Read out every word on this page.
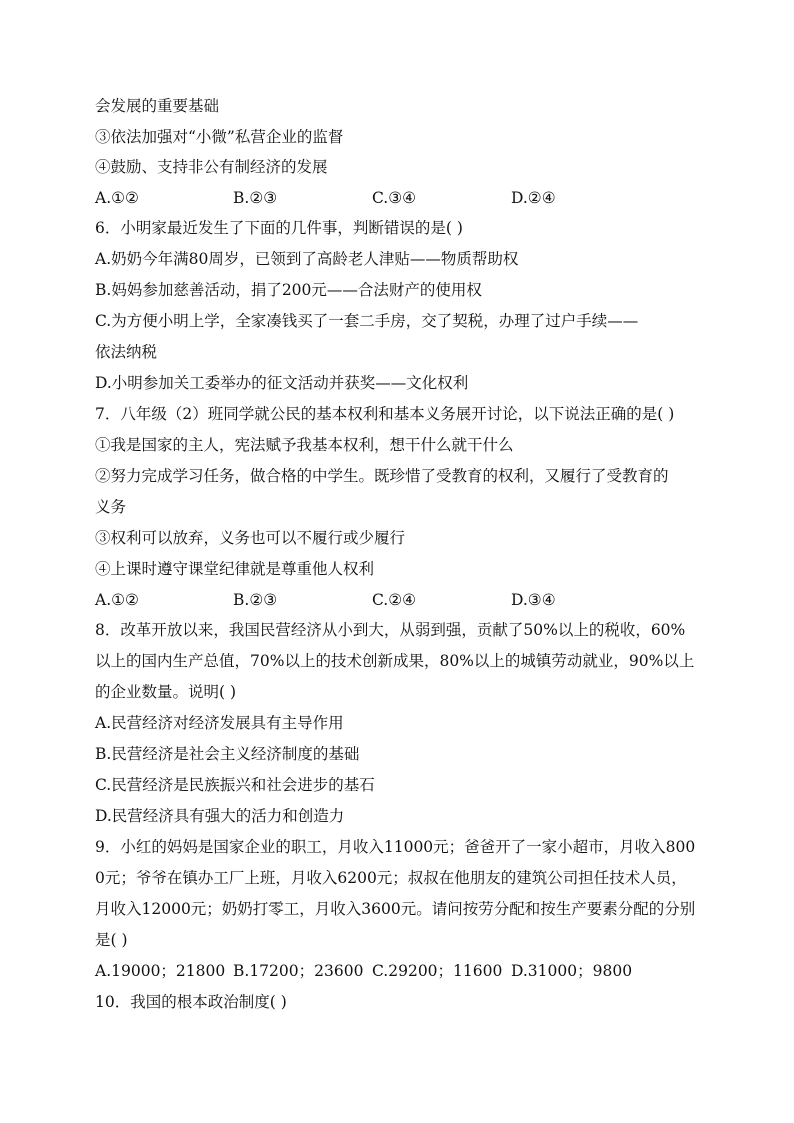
会发展的重要基础
③依法加强对“小微”私营企业的监督
④鼓励、支持非公有制经济的发展
A.①②	B.②③	C.③④	D.②④
6．小明家最近发生了下面的几件事，判断错误的是( )
A.奶奶今年满80周岁，已领到了高龄老人津贴——物质帮助权
B.妈妈参加慈善活动，捐了200元——合法财产的使用权
C.为方便小明上学，全家凑钱买了一套二手房，交了契税，办理了过户手续——
依法纳税
D.小明参加关工委举办的征文活动并获奖——文化权利
7．八年级（2）班同学就公民的基本权利和基本义务展开讨论，以下说法正确的是( )
①我是国家的主人，宪法赋予我基本权利，想干什么就干什么
②努力完成学习任务，做合格的中学生。既珍惜了受教育的权利，又履行了受教育的
义务
③权利可以放弃，义务也可以不履行或少履行
④上课时遵守课堂纪律就是尊重他人权利
A.①②	B.②③	C.②④	D.③④
8．改革开放以来，我国民营经济从小到大，从弱到强，贡献了50%以上的税收，60%
以上的国内生产总值，70%以上的技术创新成果，80%以上的城镇劳动就业，90%以上
的企业数量。说明( )
A.民营经济对经济发展具有主导作用
B.民营经济是社会主义经济制度的基础
C.民营经济是民族振兴和社会进步的基石
D.民营经济具有强大的活力和创造力
9．小红的妈妈是国家企业的职工，月收入11000元；爸爸开了一家小超市，月收入800
0元；爷爷在镇办工厂上班，月收入6200元；叔叔在他朋友的建筑公司担任技术人员，
月收入12000元；奶奶打零工，月收入3600元。请问按劳分配和按生产要素分配的分别
是( )
A.19000；21800 B.17200；23600 C.29200；11600 D.31000；9800
10．我国的根本政治制度( )
